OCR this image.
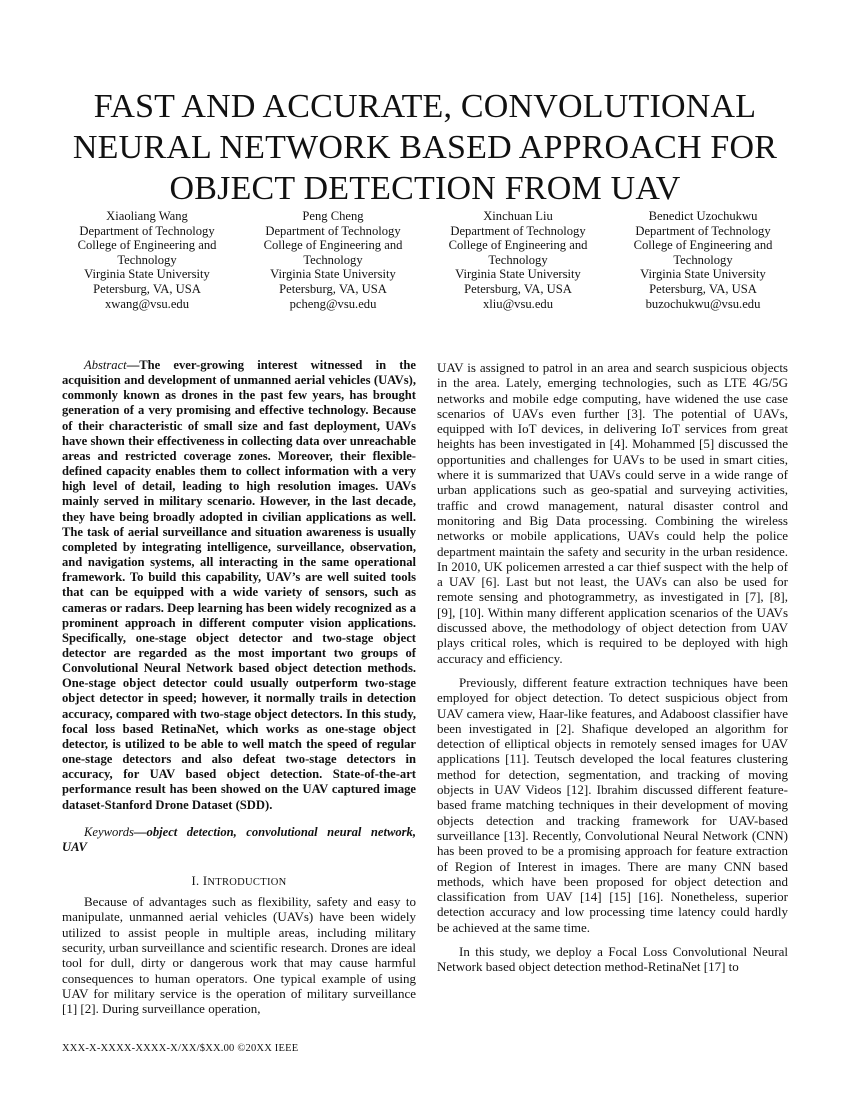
FAST AND ACCURATE, CONVOLUTIONAL NEURAL NETWORK BASED APPROACH FOR OBJECT DETECTION FROM UAV
Xiaoliang Wang
Department of Technology
College of Engineering and
Technology
Virginia State University
Petersburg, VA, USA
xwang@vsu.edu
Peng Cheng
Department of Technology
College of Engineering and
Technology
Virginia State University
Petersburg, VA, USA
pcheng@vsu.edu
Xinchuan Liu
Department of Technology
College of Engineering and
Technology
Virginia State University
Petersburg, VA, USA
xliu@vsu.edu
Benedict Uzochukwu
Department of Technology
College of Engineering and
Technology
Virginia State University
Petersburg, VA, USA
buzochukwu@vsu.edu

Abstract—The ever-growing interest witnessed in the acquisition and development of unmanned aerial vehicles (UAVs), commonly known as drones in the past few years, has brought generation of a very promising and effective technology. Because of their characteristic of small size and fast deployment, UAVs have shown their effectiveness in collecting data over unreachable areas and restricted coverage zones. Moreover, their flexible-defined capacity enables them to collect information with a very high level of detail, leading to high resolution images. UAVs mainly served in military scenario. However, in the last decade, they have being broadly adopted in civilian applications as well. The task of aerial surveillance and situation awareness is usually completed by integrating intelligence, surveillance, observation, and navigation systems, all interacting in the same operational framework. To build this capability, UAV’s are well suited tools that can be equipped with a wide variety of sensors, such as cameras or radars. Deep learning has been widely recognized as a prominent approach in different computer vision applications. Specifically, one-stage object detector and two-stage object detector are regarded as the most important two groups of Convolutional Neural Network based object detection methods. One-stage object detector could usually outperform two-stage object detector in speed; however, it normally trails in detection accuracy, compared with two-stage object detectors. In this study, focal loss based RetinaNet, which works as one-stage object detector, is utilized to be able to well match the speed of regular one-stage detectors and also defeat two-stage detectors in accuracy, for UAV based object detection. State-of-the-art performance result has been showed on the UAV captured image dataset-Stanford Drone Dataset (SDD).

Keywords—object detection, convolutional neural network, UAV

I. INTRODUCTION

Because of advantages such as flexibility, safety and easy to manipulate, unmanned aerial vehicles (UAVs) have been widely utilized to assist people in multiple areas, including military security, urban surveillance and scientific research. Drones are ideal tool for dull, dirty or dangerous work that may cause harmful consequences to human operators. One typical example of using UAV for military service is the operation of military surveillance [1] [2]. During surveillance operation,

UAV is assigned to patrol in an area and search suspicious objects in the area. Lately, emerging technologies, such as LTE 4G/5G networks and mobile edge computing, have widened the use case scenarios of UAVs even further [3]. The potential of UAVs, equipped with IoT devices, in delivering IoT services from great heights has been investigated in [4]. Mohammed [5] discussed the opportunities and challenges for UAVs to be used in smart cities, where it is summarized that UAVs could serve in a wide range of urban applications such as geo-spatial and surveying activities, traffic and crowd management, natural disaster control and monitoring and Big Data processing. Combining the wireless networks or mobile applications, UAVs could help the police department maintain the safety and security in the urban residence. In 2010, UK policemen arrested a car thief suspect with the help of a UAV [6]. Last but not least, the UAVs can also be used for remote sensing and photogrammetry, as investigated in [7], [8], [9], [10]. Within many different application scenarios of the UAVs discussed above, the methodology of object detection from UAV plays critical roles, which is required to be deployed with high accuracy and efficiency.

Previously, different feature extraction techniques have been employed for object detection. To detect suspicious object from UAV camera view, Haar-like features, and Adaboost classifier have been investigated in [2]. Shafique developed an algorithm for detection of elliptical objects in remotely sensed images for UAV applications [11]. Teutsch developed the local features clustering method for detection, segmentation, and tracking of moving objects in UAV Videos [12]. Ibrahim discussed different feature-based frame matching techniques in their development of moving objects detection and tracking framework for UAV-based surveillance [13]. Recently, Convolutional Neural Network (CNN) has been proved to be a promising approach for feature extraction of Region of Interest in images. There are many CNN based methods, which have been proposed for object detection and classification from UAV [14] [15] [16]. Nonetheless, superior detection accuracy and low processing time latency could hardly be achieved at the same time.

In this study, we deploy a Focal Loss Convolutional Neural Network based object detection method-RetinaNet [17] to

XXX-X-XXXX-XXXX-X/XX/$XX.00 ©20XX IEEE
